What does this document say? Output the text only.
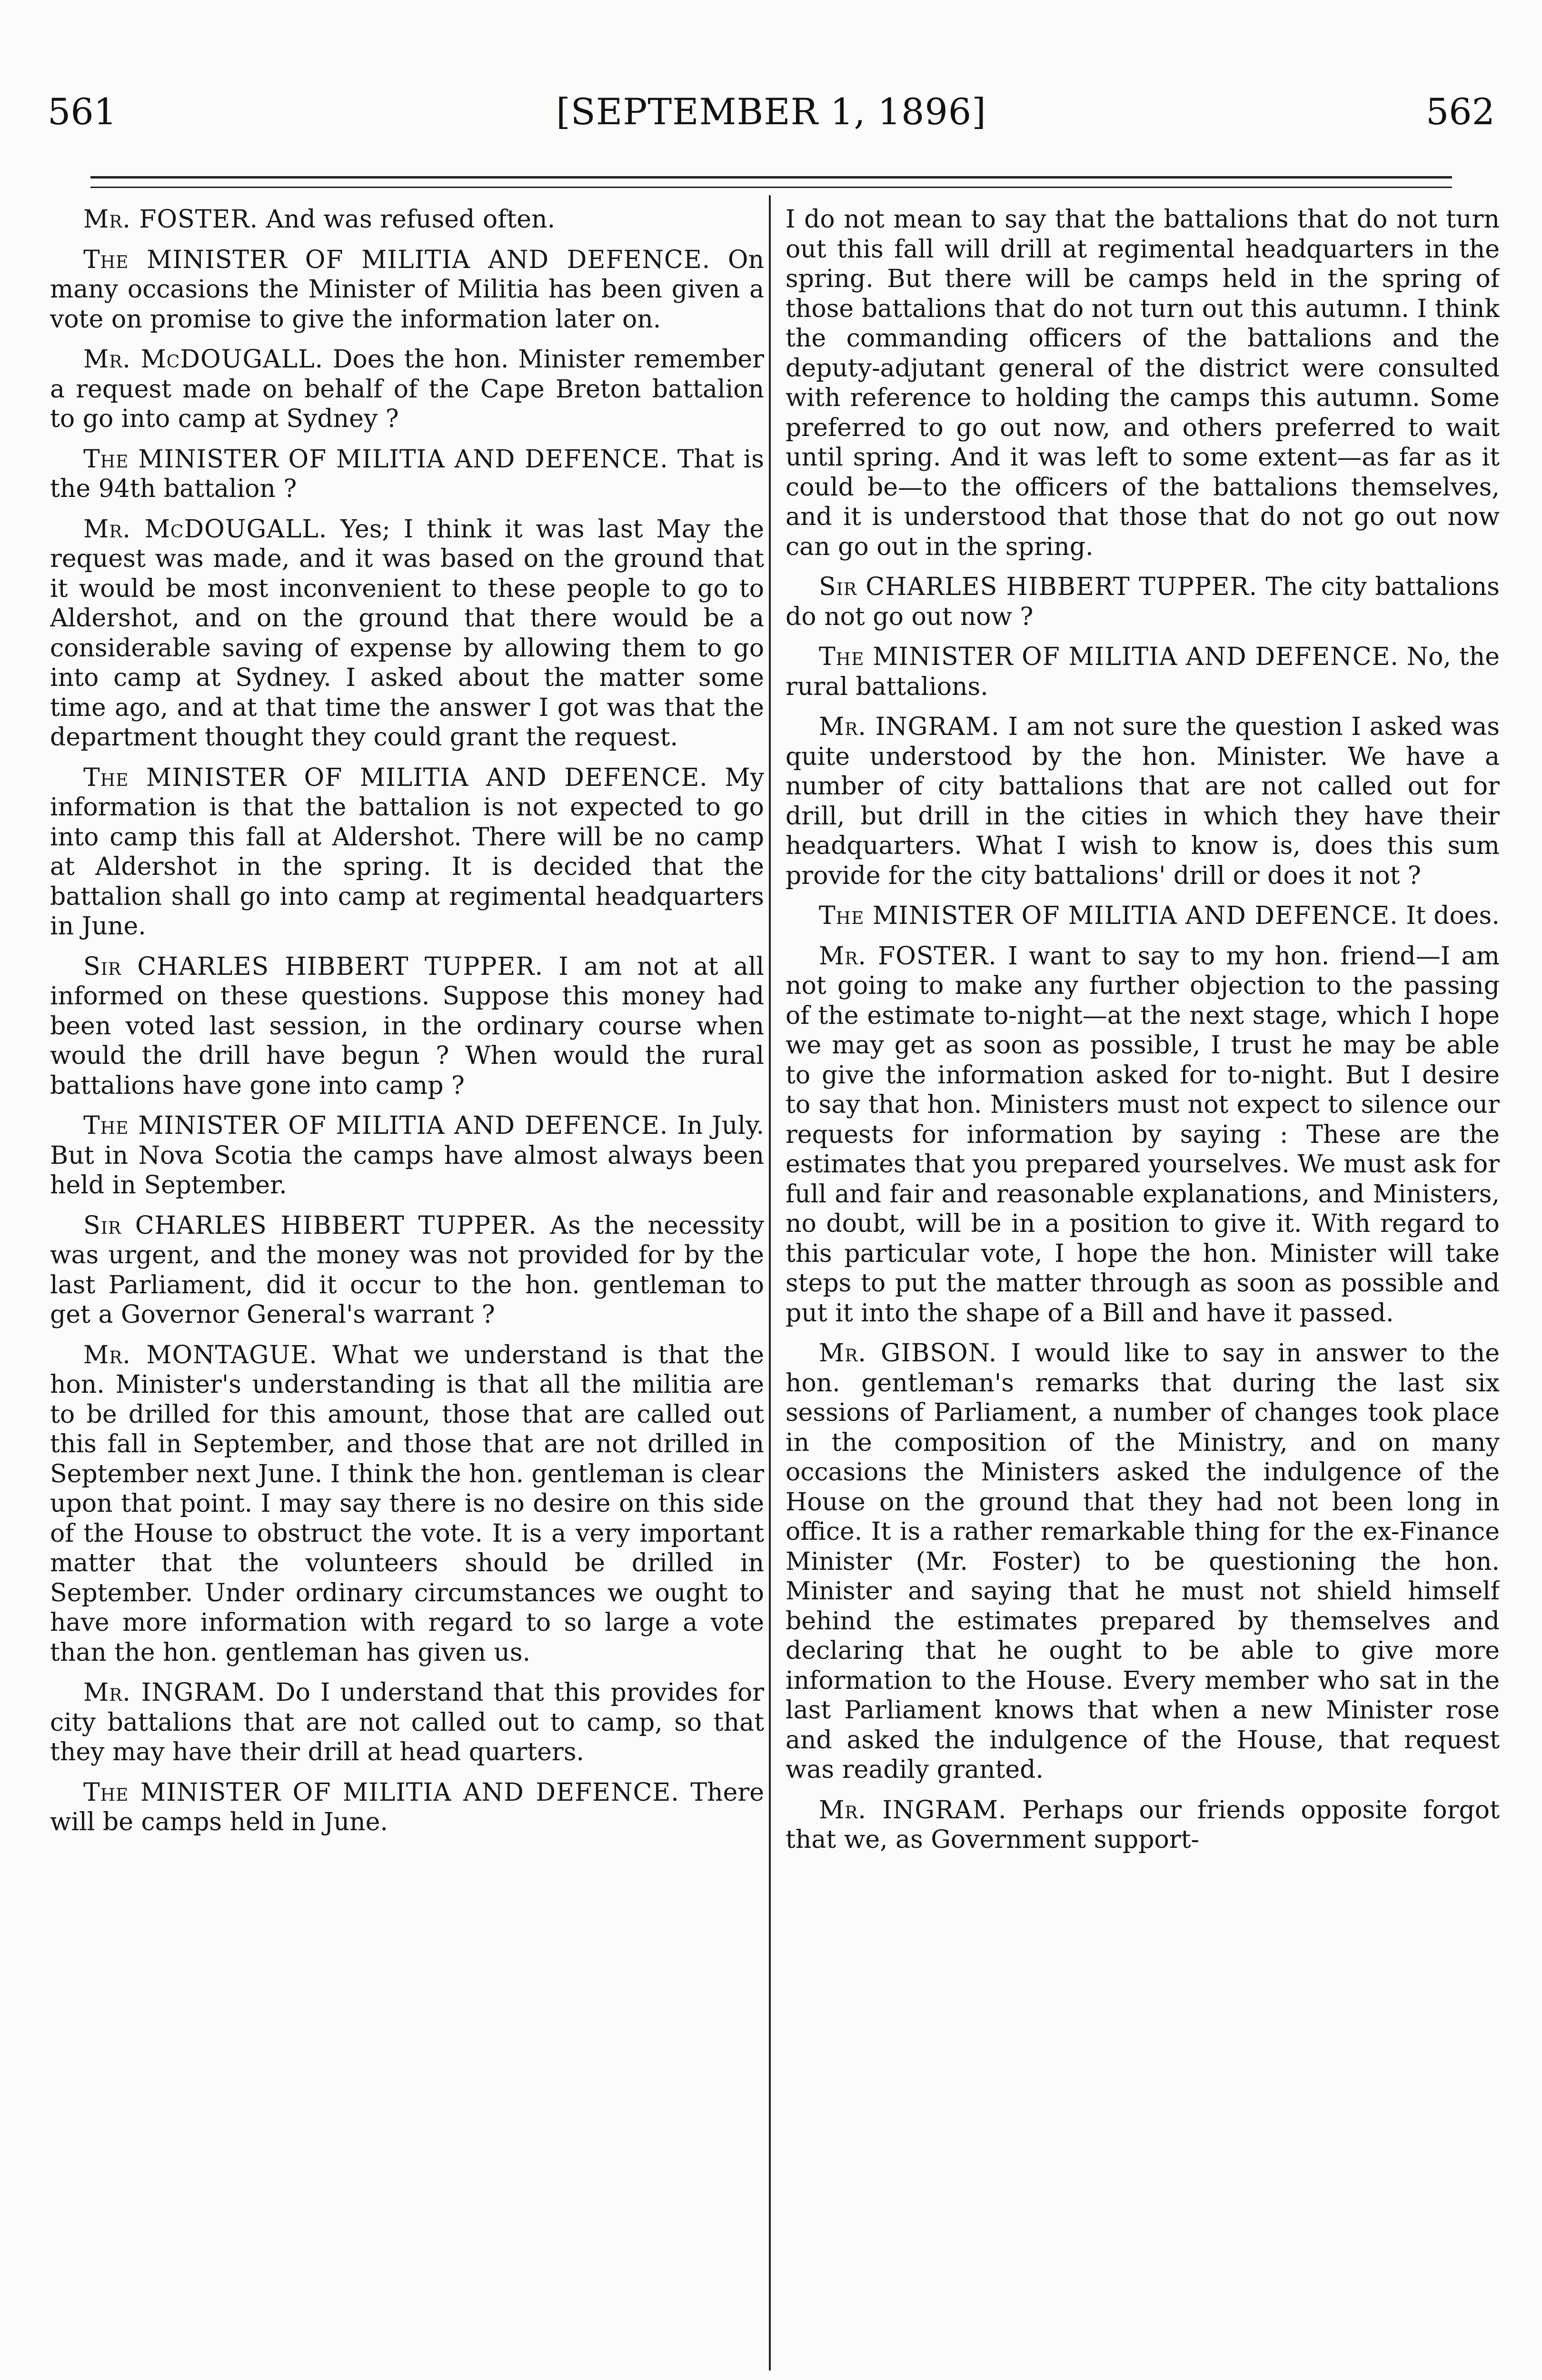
561	[SEPTEMBER 1, 1896]	562

Mr. FOSTER. And was refused often.

The MINISTER OF MILITIA AND DEFENCE. On many occasions the Minister of Militia has been given a vote on promise to give the information later on.

Mr. McDOUGALL. Does the hon. Minister remember a request made on behalf of the Cape Breton battalion to go into camp at Sydney ?

The MINISTER OF MILITIA AND DEFENCE. That is the 94th battalion ?

Mr. McDOUGALL. Yes; I think it was last May the request was made, and it was based on the ground that it would be most inconvenient to these people to go to Aldershot, and on the ground that there would be a considerable saving of expense by allowing them to go into camp at Sydney. I asked about the matter some time ago, and at that time the answer I got was that the department thought they could grant the request.

The MINISTER OF MILITIA AND DEFENCE. My information is that the battalion is not expected to go into camp this fall at Aldershot. There will be no camp at Aldershot in the spring. It is decided that the battalion shall go into camp at regimental headquarters in June.

Sir CHARLES HIBBERT TUPPER. I am not at all informed on these questions. Suppose this money had been voted last session, in the ordinary course when would the drill have begun ? When would the rural battalions have gone into camp ?

The MINISTER OF MILITIA AND DEFENCE. In July. But in Nova Scotia the camps have almost always been held in September.

Sir CHARLES HIBBERT TUPPER. As the necessity was urgent, and the money was not provided for by the last Parliament, did it occur to the hon. gentleman to get a Governor General's warrant ?

Mr. MONTAGUE. What we understand is that the hon. Minister's understanding is that all the militia are to be drilled for this amount, those that are called out this fall in September, and those that are not drilled in September next June. I think the hon. gentleman is clear upon that point. I may say there is no desire on this side of the House to obstruct the vote. It is a very important matter that the volunteers should be drilled in September. Under ordinary circumstances we ought to have more information with regard to so large a vote than the hon. gentleman has given us.

Mr. INGRAM. Do I understand that this provides for city battalions that are not called out to camp, so that they may have their drill at head quarters.

The MINISTER OF MILITIA AND DEFENCE. There will be camps held in June.

I do not mean to say that the battalions that do not turn out this fall will drill at regimental headquarters in the spring. But there will be camps held in the spring of those battalions that do not turn out this autumn. I think the commanding officers of the battalions and the deputy-adjutant general of the district were consulted with reference to holding the camps this autumn. Some preferred to go out now, and others preferred to wait until spring. And it was left to some extent—as far as it could be—to the officers of the battalions themselves, and it is understood that those that do not go out now can go out in the spring.

Sir CHARLES HIBBERT TUPPER. The city battalions do not go out now ?

The MINISTER OF MILITIA AND DEFENCE. No, the rural battalions.

Mr. INGRAM. I am not sure the question I asked was quite understood by the hon. Minister. We have a number of city battalions that are not called out for drill, but drill in the cities in which they have their headquarters. What I wish to know is, does this sum provide for the city battalions' drill or does it not ?

The MINISTER OF MILITIA AND DEFENCE. It does.

Mr. FOSTER. I want to say to my hon. friend—I am not going to make any further objection to the passing of the estimate to-night—at the next stage, which I hope we may get as soon as possible, I trust he may be able to give the information asked for to-night. But I desire to say that hon. Ministers must not expect to silence our requests for information by saying : These are the estimates that you prepared yourselves. We must ask for full and fair and reasonable explanations, and Ministers, no doubt, will be in a position to give it. With regard to this particular vote, I hope the hon. Minister will take steps to put the matter through as soon as possible and put it into the shape of a Bill and have it passed.

Mr. GIBSON. I would like to say in answer to the hon. gentleman's remarks that during the last six sessions of Parliament, a number of changes took place in the composition of the Ministry, and on many occasions the Ministers asked the indulgence of the House on the ground that they had not been long in office. It is a rather remarkable thing for the ex-Finance Minister (Mr. Foster) to be questioning the hon. Minister and saying that he must not shield himself behind the estimates prepared by themselves and declaring that he ought to be able to give more information to the House. Every member who sat in the last Parliament knows that when a new Minister rose and asked the indulgence of the House, that request was readily granted.

Mr. INGRAM. Perhaps our friends opposite forgot that we, as Government support-
